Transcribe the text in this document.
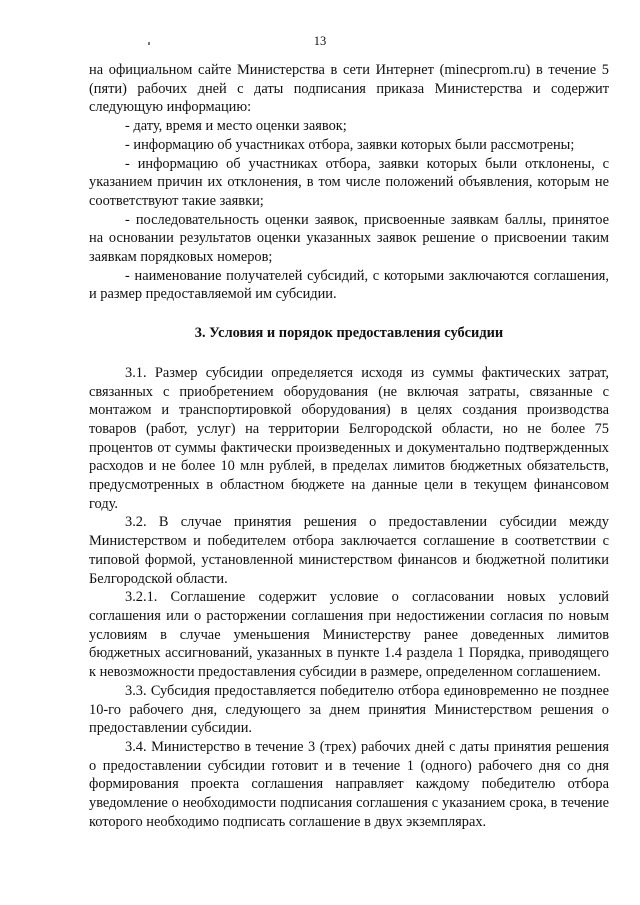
13

на официальном сайте Министерства в сети Интернет (minecprom.ru) в течение 5 (пяти) рабочих дней с даты подписания приказа Министерства и содержит следующую информацию:

- дату, время и место оценки заявок;

- информацию об участниках отбора, заявки которых были рассмотрены;

- информацию об участниках отбора, заявки которых были отклонены, с указанием причин их отклонения, в том числе положений объявления, которым не соответствуют такие заявки;

- последовательность оценки заявок, присвоенные заявкам баллы, принятое на основании результатов оценки указанных заявок решение о присвоении таким заявкам порядковых номеров;

- наименование получателей субсидий, с которыми заключаются соглашения, и размер предоставляемой им субсидии.

3. Условия и порядок предоставления субсидии

3.1. Размер субсидии определяется исходя из суммы фактических затрат, связанных с приобретением оборудования (не включая затраты, связанные с монтажом и транспортировкой оборудования) в целях создания производства товаров (работ, услуг) на территории Белгородской области, но не более 75 процентов от суммы фактически произведенных и документально подтвержденных расходов и не более 10 млн рублей, в пределах лимитов бюджетных обязательств, предусмотренных в областном бюджете на данные цели в текущем финансовом году.

3.2. В случае принятия решения о предоставлении субсидии между Министерством и победителем отбора заключается соглашение в соответствии с типовой формой, установленной министерством финансов и бюджетной политики Белгородской области.

3.2.1. Соглашение содержит условие о согласовании новых условий соглашения или о расторжении соглашения при недостижении согласия по новым условиям в случае уменьшения Министерству ранее доведенных лимитов бюджетных ассигнований, указанных в пункте 1.4 раздела 1 Порядка, приводящего к невозможности предоставления субсидии в размере, определенном соглашением.

3.3. Субсидия предоставляется победителю отбора единовременно не позднее 10-го рабочего дня, следующего за днем принятия Министерством решения о предоставлении субсидии.

3.4. Министерство в течение 3 (трех) рабочих дней с даты принятия решения о предоставлении субсидии готовит и в течение 1 (одного) рабочего дня со дня формирования проекта соглашения направляет каждому победителю отбора уведомление о необходимости подписания соглашения с указанием срока, в течение которого необходимо подписать соглашение в двух экземплярах.
